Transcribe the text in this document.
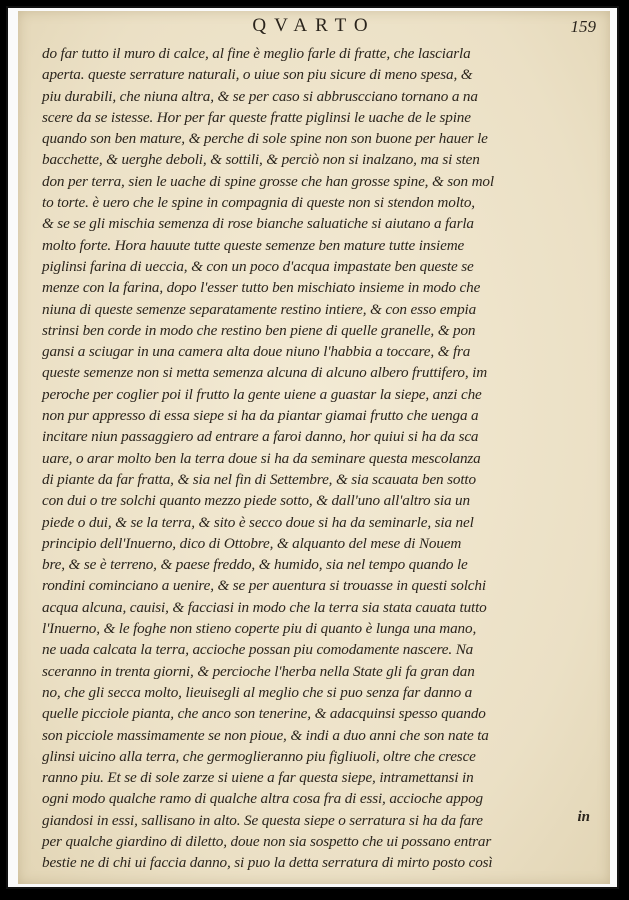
QVARTO	159
do far tutto il muro di calce, al fine è meglio farle di fratte, che lasciarla
aperta. queste serrature naturali, o uiue son piu sicure di meno spesa, &
piu durabili, che niuna altra, & se per caso si abbruscciano tornano a na
scere da se istesse. Hor per far queste fratte piglinsi le uache de le spine
quando son ben mature, & perche di sole spine non son buone per hauer le
bacchette, & uerghe deboli, & sottili, & perciò non si inalzano, ma si sten
don per terra, sien le uache di spine grosse che han grosse spine, & son mol
to torte. è uero che le spine in compagnia di queste non si stendon molto,
& se se gli mischia semenza di rose bianche saluatiche si aiutano a farla
molto forte. Hora hauute tutte queste semenze ben mature tutte insieme
piglinsi farina di ueccia, & con un poco d'acqua impastate ben queste se
menze con la farina, dopo l'esser tutto ben mischiato insieme in modo che
niuna di queste semenze separatamente restino intiere, & con esso empia
strinsi ben corde in modo che restino ben piene di quelle granelle, & pon
gansi a sciugar in una camera alta doue niuno l'habbia a toccare, & fra
queste semenze non si metta semenza alcuna di alcuno albero fruttifero, im
peroche per coglier poi il frutto la gente uiene a guastar la siepe, anzi che
non pur appresso di essa siepe si ha da piantar giamai frutto che uenga a
incitare niun passaggiero ad entrare a faroi danno, hor quiui si ha da sca
uare, o arar molto ben la terra doue si ha da seminare questa mescolanza
di piante da far fratta, & sia nel fin di Settembre, & sia scauata ben sotto
con dui o tre solchi quanto mezzo piede sotto, & dall'uno all'altro sia un
piede o dui, & se la terra, & sito è secco doue si ha da seminarle, sia nel
principio dell'Inuerno, dico di Ottobre, & alquanto del mese di Nouem
bre, & se è terreno, & paese freddo, & humido, sia nel tempo quando le
rondini cominciano a uenire, & se per auentura si trouasse in questi solchi
acqua alcuna, cauisi, & facciasi in modo che la terra sia stata cauata tutto
l'Inuerno, & le foghe non stieno coperte piu di quanto è lunga una mano,
ne uada calcata la terra, accioche possan piu comodamente nascere. Na
sceranno in trenta giorni, & percioche l'herba nella State gli fa gran dan
no, che gli secca molto, lieuisegli al meglio che si puo senza far danno a
quelle picciole pianta, che anco son tenerine, & adacquinsi spesso quando
son picciole massimamente se non pioue, & indi a duo anni che son nate ta
glinsi uicino alla terra, che germoglieranno piu figliuoli, oltre che cresce
ranno piu. Et se di sole zarze si uiene a far questa siepe, intramettansi in
ogni modo qualche ramo di qualche altra cosa fra di essi, accioche appog
giandosi in essi, sallisano in alto. Se questa siepe o serratura si ha da fare
per qualche giardino di diletto, doue non sia sospetto che ui possano entrar
bestie ne di chi ui faccia danno, si puo la detta serratura di mirto posto così
in
